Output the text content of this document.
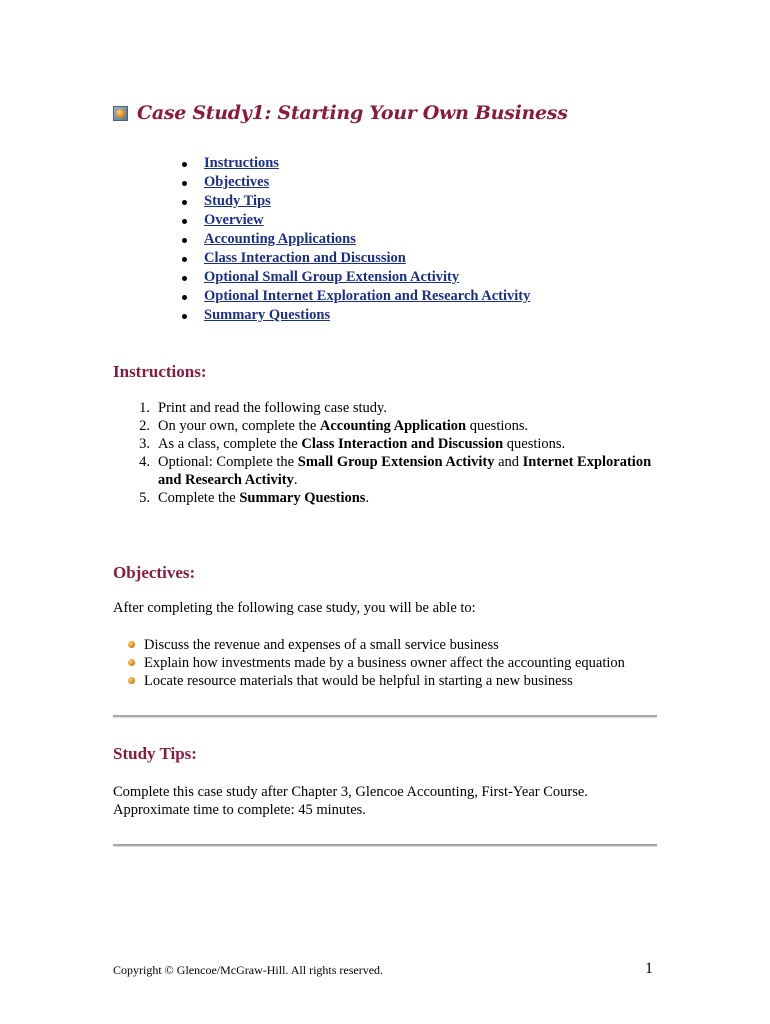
Case Study1: Starting Your Own Business
Instructions
Objectives
Study Tips
Overview
Accounting Applications
Class Interaction and Discussion
Optional Small Group Extension Activity
Optional Internet Exploration and Research Activity
Summary Questions
Instructions:
1. Print and read the following case study.
2. On your own, complete the Accounting Application questions.
3. As a class, complete the Class Interaction and Discussion questions.
4. Optional: Complete the Small Group Extension Activity and Internet Exploration and Research Activity.
5. Complete the Summary Questions.
Objectives:
After completing the following case study, you will be able to:
Discuss the revenue and expenses of a small service business
Explain how investments made by a business owner affect the accounting equation
Locate resource materials that would be helpful in starting a new business
Study Tips:
Complete this case study after Chapter 3, Glencoe Accounting, First-Year Course.
Approximate time to complete: 45 minutes.
Copyright © Glencoe/McGraw-Hill. All rights reserved.	1
